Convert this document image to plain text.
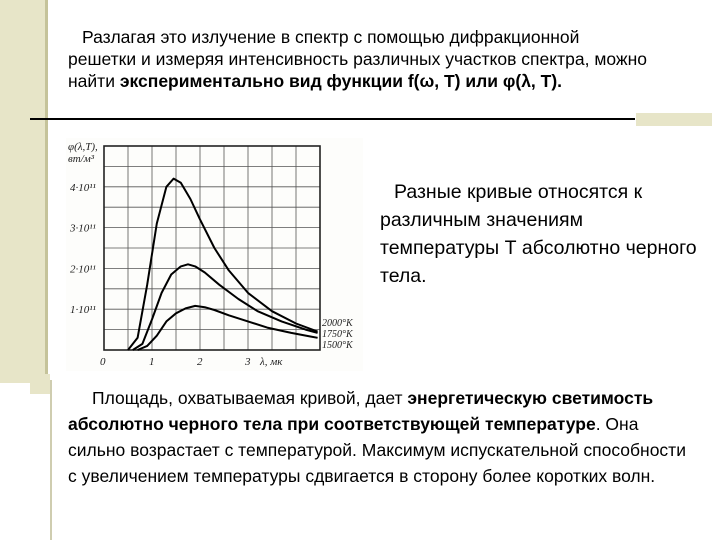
Разлагая это излучение в спектр с помощью дифракционной решетки и измеряя интенсивность различных участков спектра, можно найти экспериментально вид функции f(ω, T) или φ(λ, T).

φ(λ,T),
вт/м³
1·10¹¹
2·10¹¹
3·10¹¹
4·10¹¹
0	1	2	3 λ, мк
2000°K
1750°K
1500°K

Разные кривые относятся к различным значениям температуры Т абсолютно черного тела.

Площадь, охватываемая кривой, дает энергетическую светимость абсолютно черного тела при соответствующей температуре. Она сильно возрастает с температурой. Максимум испускательной способности с увеличением температуры сдвигается в сторону более коротких волн.
